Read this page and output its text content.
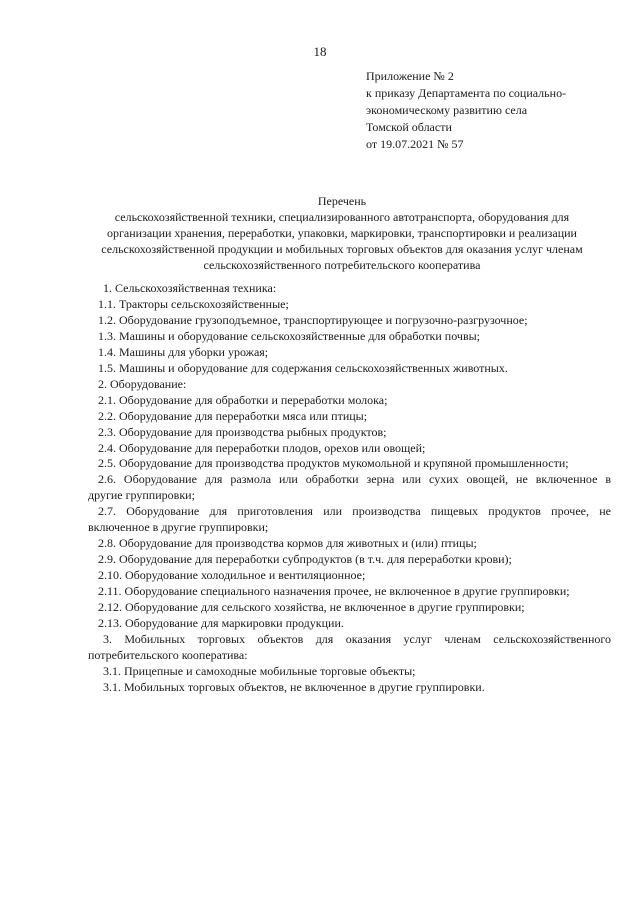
18
Приложение № 2
к приказу Департамента по социально-
экономическому развитию села
Томской области
от 19.07.2021 № 57
Перечень
сельскохозяйственной техники, специализированного автотранспорта, оборудования для
организации хранения, переработки, упаковки, маркировки, транспортировки и реализации
сельскохозяйственной продукции и мобильных торговых объектов для оказания услуг членам
сельскохозяйственного потребительского кооператива
1. Сельскохозяйственная техника:
1.1. Тракторы сельскохозяйственные;
1.2. Оборудование грузоподъемное, транспортирующее и погрузочно-разгрузочное;
1.3. Машины и оборудование сельскохозяйственные для обработки почвы;
1.4. Машины для уборки урожая;
1.5. Машины и оборудование для содержания сельскохозяйственных животных.
2. Оборудование:
2.1. Оборудование для обработки и переработки молока;
2.2. Оборудование для переработки мяса или птицы;
2.3. Оборудование для производства рыбных продуктов;
2.4. Оборудование для переработки плодов, орехов или овощей;
2.5. Оборудование для производства продуктов мукомольной и крупяной промышленности;
2.6. Оборудование для размола или обработки зерна или сухих овощей, не включенное в
другие группировки;
2.7. Оборудование для приготовления или производства пищевых продуктов прочее, не
включенное в другие группировки;
2.8. Оборудование для производства кормов для животных и (или) птицы;
2.9. Оборудование для переработки субпродуктов (в т.ч. для переработки крови);
2.10. Оборудование холодильное и вентиляционное;
2.11. Оборудование специального назначения прочее, не включенное в другие группировки;
2.12. Оборудование для сельского хозяйства, не включенное в другие группировки;
2.13. Оборудование для маркировки продукции.
3. Мобильных торговых объектов для оказания услуг членам сельскохозяйственного
потребительского кооператива:
3.1. Прицепные и самоходные мобильные торговые объекты;
3.1. Мобильных торговых объектов, не включенное в другие группировки.
